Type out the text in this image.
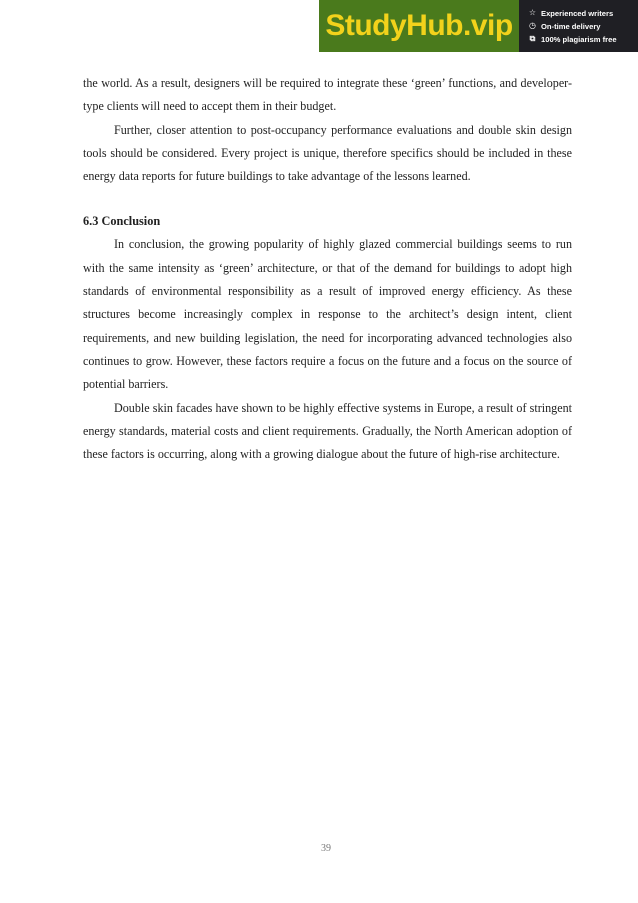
StudyHub.vip ☆ Experienced writers
◷ On-time delivery
⧉ 100% plagiarism free

the world. As a result, designers will be required to integrate these ‘green’ functions, and developer-type clients will need to accept them in their budget.

Further, closer attention to post-occupancy performance evaluations and double skin design tools should be considered. Every project is unique, therefore specifics should be included in these energy data reports for future buildings to take advantage of the lessons learned.

6.3 Conclusion

In conclusion, the growing popularity of highly glazed commercial buildings seems to run with the same intensity as ‘green’ architecture, or that of the demand for buildings to adopt high standards of environmental responsibility as a result of improved energy efficiency. As these structures become increasingly complex in response to the architect’s design intent, client requirements, and new building legislation, the need for incorporating advanced technologies also continues to grow. However, these factors require a focus on the future and a focus on the source of potential barriers.

Double skin facades have shown to be highly effective systems in Europe, a result of stringent energy standards, material costs and client requirements. Gradually, the North American adoption of these factors is occurring, along with a growing dialogue about the future of high-rise architecture.

39
